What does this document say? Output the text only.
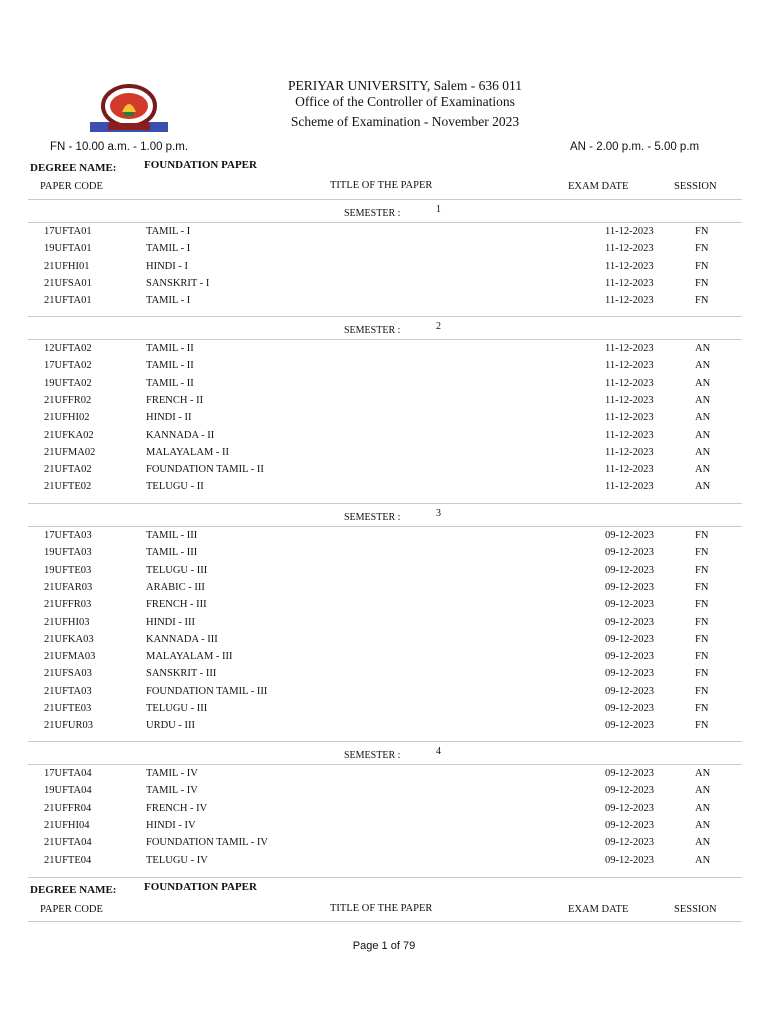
PERIYAR UNIVERSITY, Salem - 636 011
Office of the Controller of Examinations
Scheme of Examination - November 2023
FN - 10.00 a.m. - 1.00 p.m.	AN - 2.00 p.m. - 5.00 p.m
DEGREE NAME:	FOUNDATION PAPER
PAPER CODE	TITLE OF THE PAPER	EXAM DATE	SESSION
SEMESTER :	1
17UFTA01	TAMIL - I	11-12-2023	FN
19UFTA01	TAMIL - I	11-12-2023	FN
21UFHI01	HINDI - I	11-12-2023	FN
21UFSA01	SANSKRIT - I	11-12-2023	FN
21UFTA01	TAMIL - I	11-12-2023	FN
SEMESTER :	2
12UFTA02	TAMIL - II	11-12-2023	AN
17UFTA02	TAMIL - II	11-12-2023	AN
19UFTA02	TAMIL - II	11-12-2023	AN
21UFFR02	FRENCH - II	11-12-2023	AN
21UFHI02	HINDI - II	11-12-2023	AN
21UFKA02	KANNADA - II	11-12-2023	AN
21UFMA02	MALAYALAM - II	11-12-2023	AN
21UFTA02	FOUNDATION TAMIL - II	11-12-2023	AN
21UFTE02	TELUGU - II	11-12-2023	AN
SEMESTER :	3
17UFTA03	TAMIL - III	09-12-2023	FN
19UFTA03	TAMIL - III	09-12-2023	FN
19UFTE03	TELUGU - III	09-12-2023	FN
21UFAR03	ARABIC - III	09-12-2023	FN
21UFFR03	FRENCH - III	09-12-2023	FN
21UFHI03	HINDI - III	09-12-2023	FN
21UFKA03	KANNADA - III	09-12-2023	FN
21UFMA03	MALAYALAM - III	09-12-2023	FN
21UFSA03	SANSKRIT - III	09-12-2023	FN
21UFTA03	FOUNDATION TAMIL - III	09-12-2023	FN
21UFTE03	TELUGU - III	09-12-2023	FN
21UFUR03	URDU - III	09-12-2023	FN
SEMESTER :	4
17UFTA04	TAMIL - IV	09-12-2023	AN
19UFTA04	TAMIL - IV	09-12-2023	AN
21UFFR04	FRENCH - IV	09-12-2023	AN
21UFHI04	HINDI - IV	09-12-2023	AN
21UFTA04	FOUNDATION TAMIL - IV	09-12-2023	AN
21UFTE04	TELUGU - IV	09-12-2023	AN
DEGREE NAME:	FOUNDATION PAPER
PAPER CODE	TITLE OF THE PAPER	EXAM DATE	SESSION
Page 1 of 79
